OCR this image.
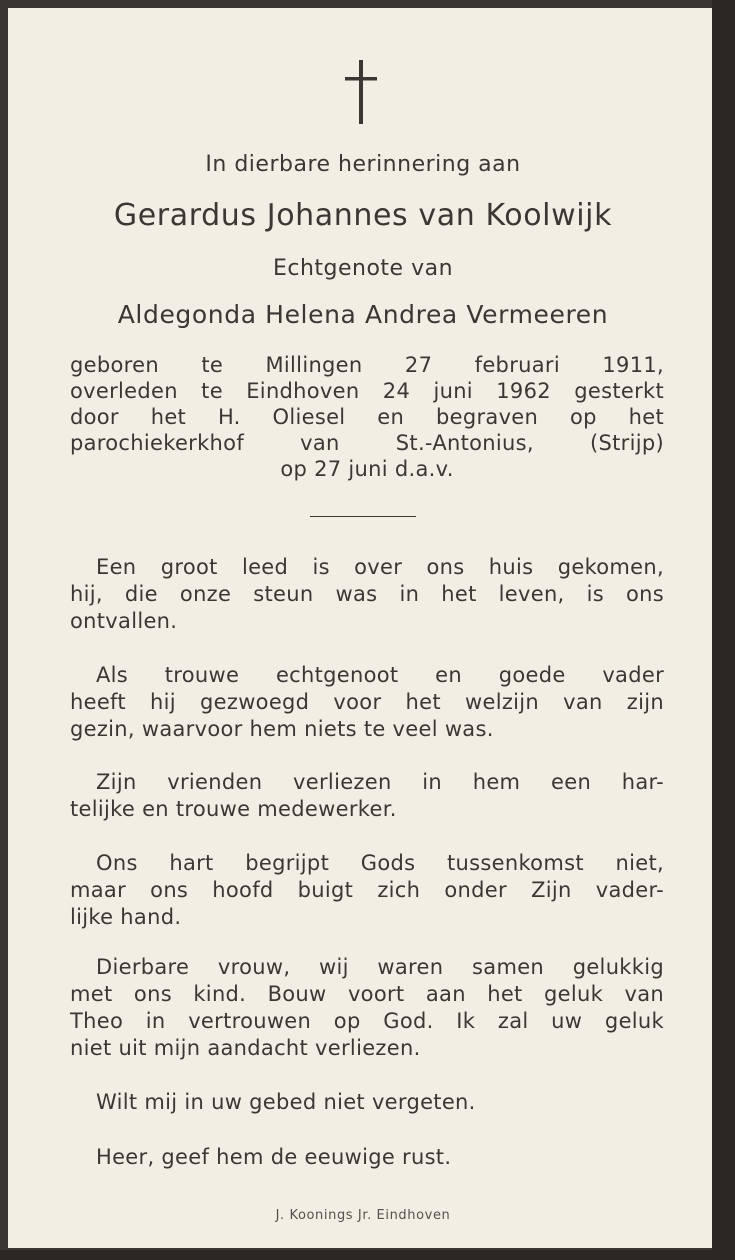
In dierbare herinnering aan
Gerardus Johannes van Koolwijk
Echtgenote van
Aldegonda Helena Andrea Vermeeren
geboren te Millingen 27 februari 1911,
overleden te Eindhoven 24 juni 1962 gesterkt
door het H. Oliesel en begraven op het
parochiekerkhof van St.-Antonius, (Strijp)
op 27 juni d.a.v.
Een groot leed is over ons huis gekomen,
hij, die onze steun was in het leven, is ons
ontvallen.
Als trouwe echtgenoot en goede vader
heeft hij gezwoegd voor het welzijn van zijn
gezin, waarvoor hem niets te veel was.
Zijn vrienden verliezen in hem een har-
telijke en trouwe medewerker.
Ons hart begrijpt Gods tussenkomst niet,
maar ons hoofd buigt zich onder Zijn vader-
lijke hand.
Dierbare vrouw, wij waren samen gelukkig
met ons kind. Bouw voort aan het geluk van
Theo in vertrouwen op God. Ik zal uw geluk
niet uit mijn aandacht verliezen.
Wilt mij in uw gebed niet vergeten.
Heer, geef hem de eeuwige rust.
J. Koonings Jr. Eindhoven
